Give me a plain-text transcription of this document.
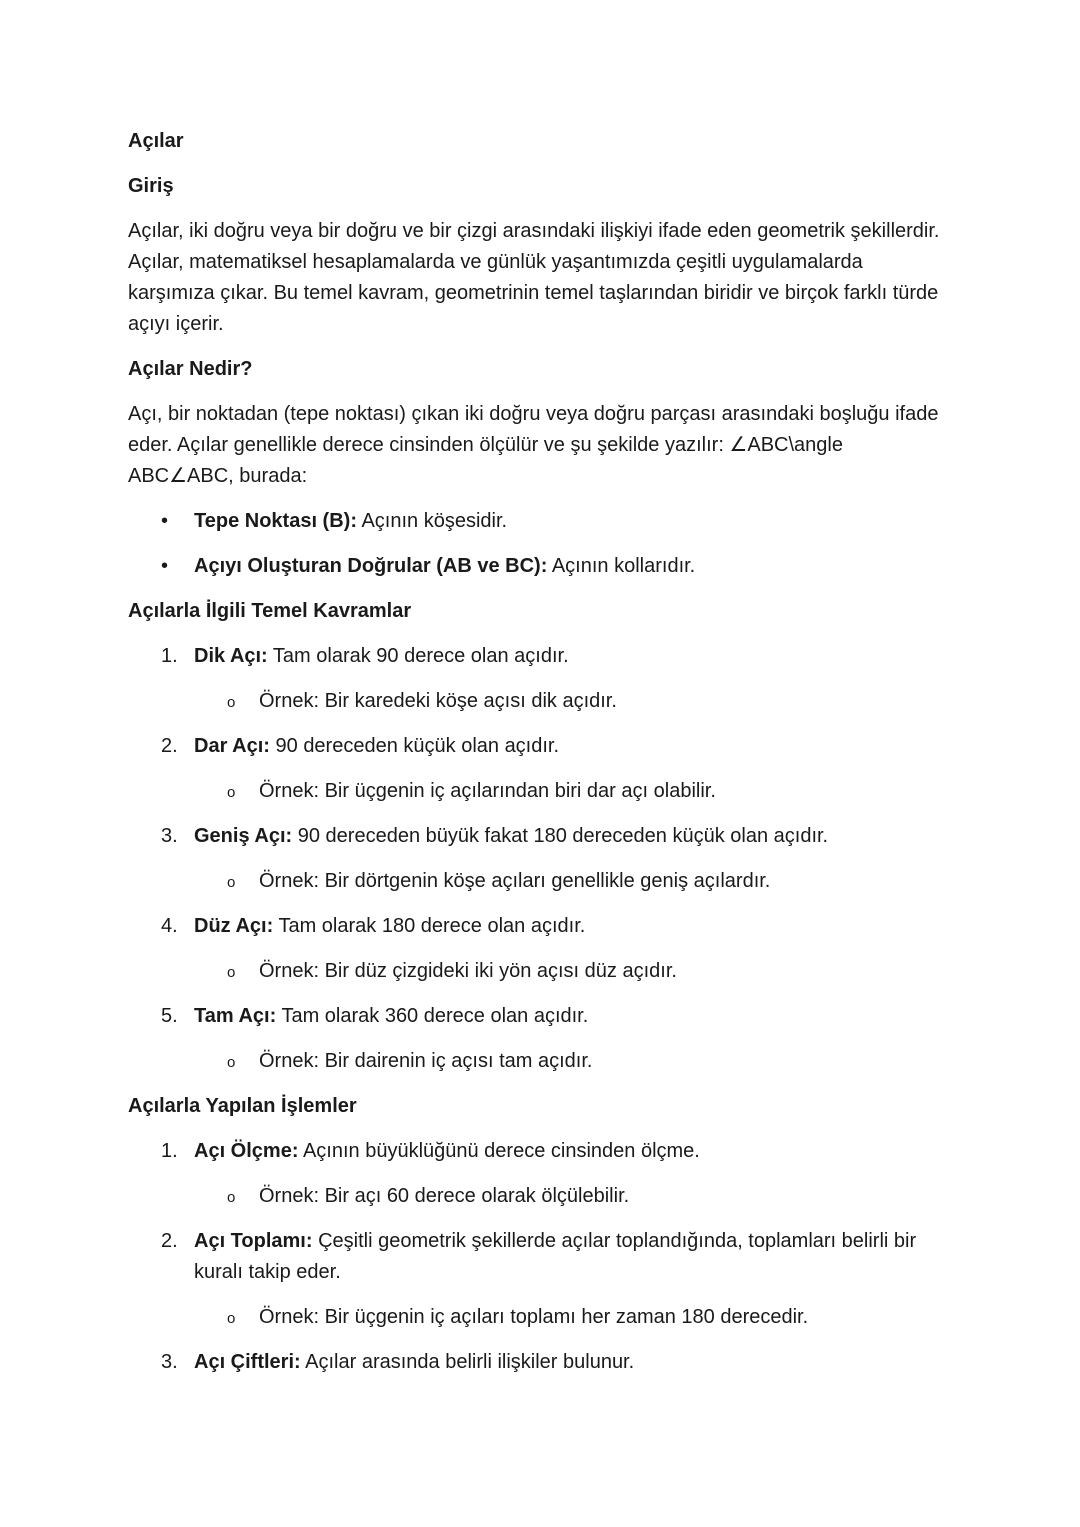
Açılar
Giriş
Açılar, iki doğru veya bir doğru ve bir çizgi arasındaki ilişkiyi ifade eden geometrik şekillerdir. Açılar, matematiksel hesaplamalarda ve günlük yaşantımızda çeşitli uygulamalarda karşımıza çıkar. Bu temel kavram, geometrinin temel taşlarından biridir ve birçok farklı türde açıyı içerir.
Açılar Nedir?
Açı, bir noktadan (tepe noktası) çıkan iki doğru veya doğru parçası arasındaki boşluğu ifade eder. Açılar genellikle derece cinsinden ölçülür ve şu şekilde yazılır: ∠ABC\angle ABC∠ABC, burada:
• Tepe Noktası (B): Açının köşesidir.
• Açıyı Oluşturan Doğrular (AB ve BC): Açının kollarıdır.
Açılarla İlgili Temel Kavramlar
1. Dik Açı: Tam olarak 90 derece olan açıdır.
o Örnek: Bir karedeki köşe açısı dik açıdır.
2. Dar Açı: 90 dereceden küçük olan açıdır.
o Örnek: Bir üçgenin iç açılarından biri dar açı olabilir.
3. Geniş Açı: 90 dereceden büyük fakat 180 dereceden küçük olan açıdır.
o Örnek: Bir dörtgenin köşe açıları genellikle geniş açılardır.
4. Düz Açı: Tam olarak 180 derece olan açıdır.
o Örnek: Bir düz çizgideki iki yön açısı düz açıdır.
5. Tam Açı: Tam olarak 360 derece olan açıdır.
o Örnek: Bir dairenin iç açısı tam açıdır.
Açılarla Yapılan İşlemler
1. Açı Ölçme: Açının büyüklüğünü derece cinsinden ölçme.
o Örnek: Bir açı 60 derece olarak ölçülebilir.
2. Açı Toplamı: Çeşitli geometrik şekillerde açılar toplandığında, toplamları belirli bir kuralı takip eder.
o Örnek: Bir üçgenin iç açıları toplamı her zaman 180 derecedir.
3. Açı Çiftleri: Açılar arasında belirli ilişkiler bulunur.
